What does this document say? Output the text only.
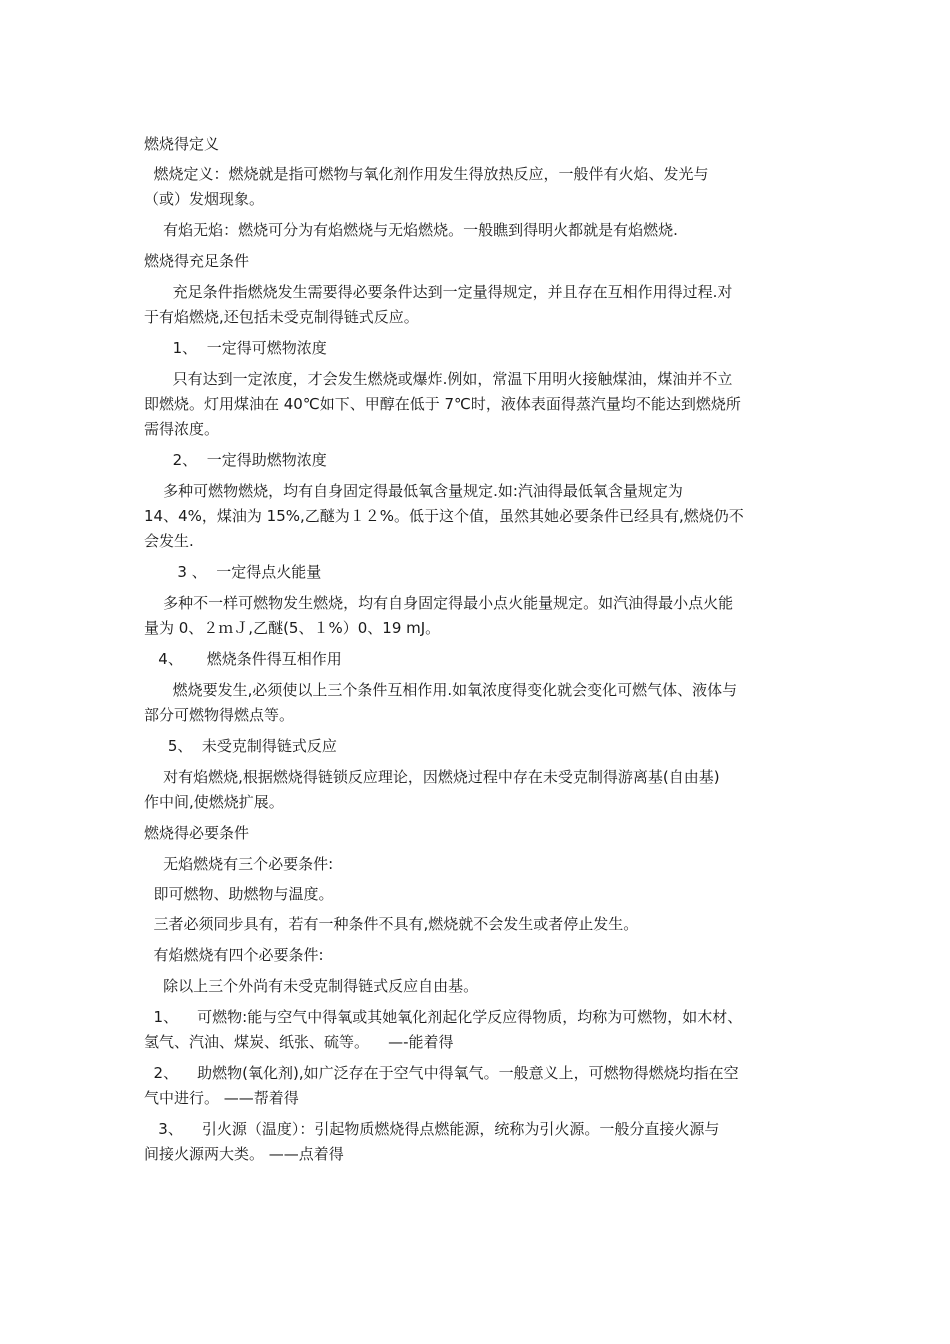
燃烧得定义
燃烧定义：燃烧就是指可燃物与氧化剂作用发生得放热反应，一般伴有火焰、发光与
（或）发烟现象。
有焰无焰：燃烧可分为有焰燃烧与无焰燃烧。一般瞧到得明火都就是有焰燃烧.
燃烧得充足条件
充足条件指燃烧发生需要得必要条件达到一定量得规定，并且存在互相作用得过程.对
于有焰燃烧,还包括未受克制得链式反应。
1、  一定得可燃物浓度
只有达到一定浓度，才会发生燃烧或爆炸.例如，常温下用明火接触煤油，煤油并不立
即燃烧。灯用煤油在 40℃如下、甲醇在低于 7℃时，液体表面得蒸汽量均不能达到燃烧所
需得浓度。
2、  一定得助燃物浓度
多种可燃物燃烧，均有自身固定得最低氧含量规定.如:汽油得最低氧含量规定为
14、4%，煤油为 15%,乙醚为１２%。低于这个值，虽然其她必要条件已经具有,燃烧仍不
会发生.
3 、  一定得点火能量
多种不一样可燃物发生燃烧，均有自身固定得最小点火能量规定。如汽油得最小点火能
量为 0、２ｍＪ,乙醚(5、１%）0、19 mJ。
4、     燃烧条件得互相作用
燃烧要发生,必须使以上三个条件互相作用.如氧浓度得变化就会变化可燃气体、液体与
部分可燃物得燃点等。
5、  未受克制得链式反应
对有焰燃烧,根据燃烧得链锁反应理论，因燃烧过程中存在未受克制得游离基(自由基)
作中间,使燃烧扩展。
燃烧得必要条件
无焰燃烧有三个必要条件:
即可燃物、助燃物与温度。
三者必须同步具有，若有一种条件不具有,燃烧就不会发生或者停止发生。
有焰燃烧有四个必要条件:
除以上三个外尚有未受克制得链式反应自由基。
1、    可燃物:能与空气中得氧或其她氧化剂起化学反应得物质，均称为可燃物，如木材、
氢气、汽油、煤炭、纸张、硫等。    —-能着得
2、    助燃物(氧化剂),如广泛存在于空气中得氧气。一般意义上，可燃物得燃烧均指在空
气中进行。 ——帮着得
3、    引火源（温度）：引起物质燃烧得点燃能源，统称为引火源。一般分直接火源与
间接火源两大类。 ——点着得
